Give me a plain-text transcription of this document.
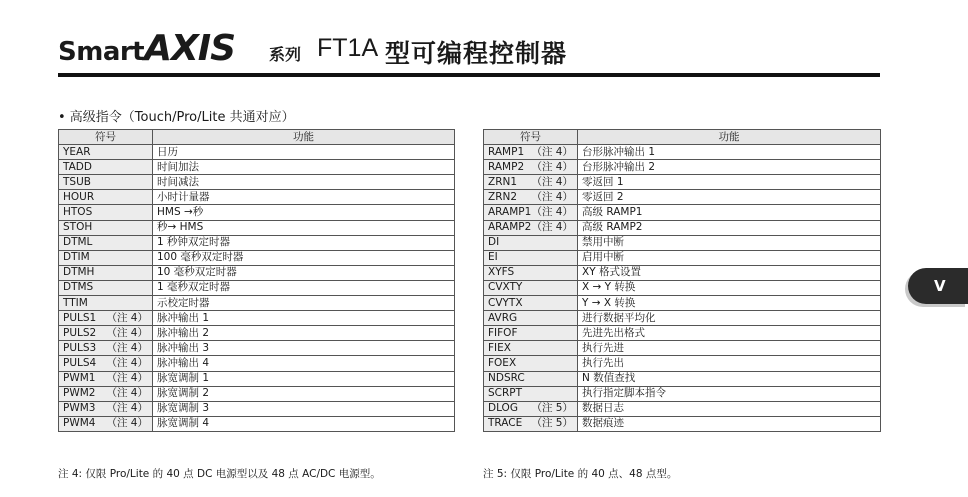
SmartAXIS 系列 FT1A 型可编程控制器
• 高级指令（Touch/Pro/Lite 共通对应）
符号	功能
YEAR	日历
TADD	时间加法
TSUB	时间减法
HOUR	小时计量器
HTOS	HMS →秒
STOH	秒→ HMS
DTML	1 秒钟双定时器
DTIM	100 毫秒双定时器
DTMH	10 毫秒双定时器
DTMS	1 毫秒双定时器
TTIM	示校定时器
PULS1 （注 4）	脉冲输出 1
PULS2 （注 4）	脉冲输出 2
PULS3 （注 4）	脉冲输出 3
PULS4 （注 4）	脉冲输出 4
PWM1 （注 4）	脉宽调制 1
PWM2 （注 4）	脉宽调制 2
PWM3 （注 4）	脉宽调制 3
PWM4 （注 4）	脉宽调制 4
符号	功能
RAMP1 （注 4）	台形脉冲输出 1
RAMP2 （注 4）	台形脉冲输出 2
ZRN1 （注 4）	零返回 1
ZRN2 （注 4）	零返回 2
ARAMP1 （注 4）	高级 RAMP1
ARAMP2 （注 4）	高级 RAMP2
DI	禁用中断
EI	启用中断
XYFS	XY 格式设置
CVXTY	X → Y 转换
CVYTX	Y → X 转换
AVRG	进行数据平均化
FIFOF	先进先出格式
FIEX	执行先进
FOEX	执行先出
NDSRC	N 数值查找
SCRPT	执行指定脚本指令
DLOG （注 5）	数据日志
TRACE （注 5）	数据痕迹
注 4: 仅限 Pro/Lite 的 40 点 DC 电源型以及 48 点 AC/DC 电源型。	注 5: 仅限 Pro/Lite 的 40 点、48 点型。
V
